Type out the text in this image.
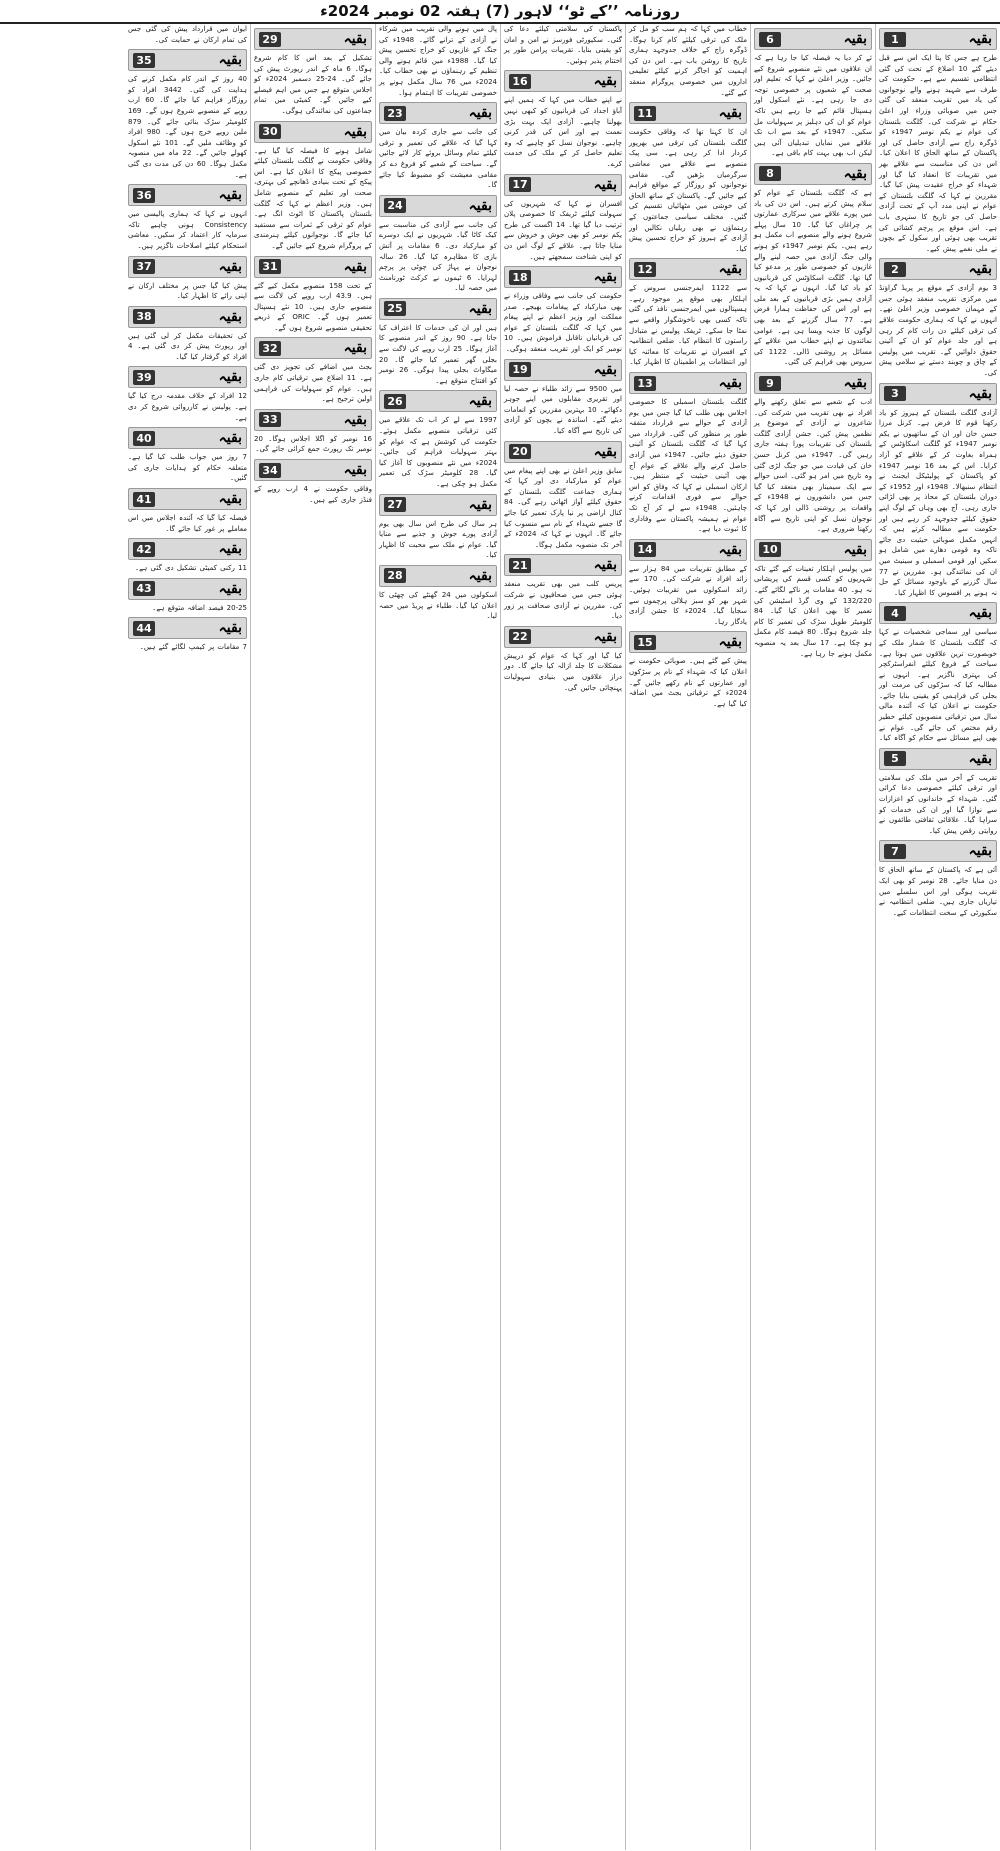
روزنامہ ’’کے ٹو‘‘ لاہور (7) ہفتہ 02 نومبر 2024ء
بقیہ
1

طرح ہے جس کا پتا ایک اس سے قبل دیئے گئے 10 اضلاع کے تحت کی گئی انتظامی تقسیم سے ہے۔ حکومت کی طرف سے شہید ہونے والے نوجوانوں کی یاد میں تقریب منعقد کی گئی جس میں صوبائی وزراء اور اعلیٰ حکام نے شرکت کی۔ گلگت بلتستان کی عوام نے یکم نومبر 1947ء کو ڈوگرہ راج سے آزادی حاصل کی اور پاکستان کے ساتھ الحاق کا اعلان کیا۔ اس دن کی مناسبت سے علاقے بھر میں تقریبات کا انعقاد کیا گیا اور شہداء کو خراج عقیدت پیش کیا گیا۔ مقررین نے کہا کہ گلگت بلتستان کے عوام نے اپنی مدد آپ کے تحت آزادی حاصل کی جو تاریخ کا سنہری باب ہے۔ اس موقع پر پرچم کشائی کی تقریب بھی ہوئی اور سکول کے بچوں نے ملی نغمے پیش کیے۔

بقیہ
2

3 یوم آزادی کے موقع پر پریڈ گراؤنڈ میں مرکزی تقریب منعقد ہوئی جس کے مہمان خصوصی وزیر اعلیٰ تھے۔ انہوں نے کہا کہ ہماری حکومت علاقے کی ترقی کیلئے دن رات کام کر رہی ہے اور جلد عوام کو ان کے آئینی حقوق دلوائیں گے۔ تقریب میں پولیس کے چاق و چوبند دستے نے سلامی پیش کی۔

بقیہ
3

آزادی گلگت بلتستان کے ہیروز کو یاد رکھنا قوم کا فرض ہے۔ کرنل مرزا حسن خان اور ان کے ساتھیوں نے یکم نومبر 1947ء کو گلگت اسکاؤٹس کے ہمراہ بغاوت کر کے علاقے کو آزاد کرایا۔ اس کے بعد 16 نومبر 1947ء کو پاکستان کے پولیٹیکل ایجنٹ نے انتظام سنبھالا۔ 1948ء اور 1952ء کے دوران بلتستان کے محاذ پر بھی لڑائی جاری رہی۔ آج بھی وہاں کے لوگ اپنے حقوق کیلئے جدوجہد کر رہے ہیں اور حکومت سے مطالبہ کرتے ہیں کہ انہیں مکمل صوبائی حیثیت دی جائے تاکہ وہ قومی دھارے میں شامل ہو سکیں اور قومی اسمبلی و سینیٹ میں ان کی نمائندگی ہو۔ مقررین نے 77 سال گزرنے کے باوجود مسائل کے حل نہ ہونے پر افسوس کا اظہار کیا۔

بقیہ
4

سیاسی اور سماجی شخصیات نے کہا کہ گلگت بلتستان کا شمار ملک کے خوبصورت ترین علاقوں میں ہوتا ہے۔ سیاحت کے فروغ کیلئے انفراسٹرکچر کی بہتری ناگزیر ہے۔ انہوں نے مطالبہ کیا کہ سڑکوں کی مرمت اور بجلی کی فراہمی کو یقینی بنایا جائے۔ حکومت نے اعلان کیا کہ آئندہ مالی سال میں ترقیاتی منصوبوں کیلئے خطیر رقم مختص کی جائے گی۔ عوام نے بھی اپنے مسائل سے حکام کو آگاہ کیا۔

بقیہ
5

تقریب کے آخر میں ملک کی سلامتی اور ترقی کیلئے خصوصی دعا کرائی گئی۔ شہداء کے خاندانوں کو اعزازات سے نوازا گیا اور ان کی خدمات کو سراہا گیا۔ علاقائی ثقافتی طائفوں نے روایتی رقص پیش کیا۔

بقیہ
7

آئی ہے کہ پاکستان کے ساتھ الحاق کا دن منایا جائے۔ 28 نومبر کو بھی ایک تقریب ہوگی اور اس سلسلے میں تیاریاں جاری ہیں۔ ضلعی انتظامیہ نے سکیورٹی کے سخت انتظامات کیے۔

بقیہ
6

ئے کر دیا یہ فیصلہ کیا جا رہا ہے کہ ان علاقوں میں نئے منصوبے شروع کیے جائیں۔ وزیر اعلیٰ نے کہا کہ تعلیم اور صحت کے شعبوں پر خصوصی توجہ دی جا رہی ہے۔ نئے اسکول اور ہسپتال قائم کیے جا رہے ہیں تاکہ عوام کو ان کی دہلیز پر سہولیات مل سکیں۔ 1947ء کے بعد سے اب تک علاقے میں نمایاں تبدیلیاں آئی ہیں لیکن اب بھی بہت کام باقی ہے۔

بقیہ
8

ہے کہ گلگت بلتستان کے عوام کو سلام پیش کرتے ہیں۔ اس دن کی یاد میں پورے علاقے میں سرکاری عمارتوں پر چراغاں کیا گیا۔ 10 سال پہلے شروع ہونے والے منصوبے اب مکمل ہو رہے ہیں۔ یکم نومبر 1947ء کو ہونے والی جنگ آزادی میں حصہ لینے والے غازیوں کو خصوصی طور پر مدعو کیا گیا تھا۔ گلگت اسکاؤٹس کی قربانیوں کو یاد کیا گیا۔ انہوں نے کہا کہ یہ آزادی ہمیں بڑی قربانیوں کے بعد ملی ہے اور اس کی حفاظت ہمارا فرض ہے۔ 77 سال گزرنے کے بعد بھی لوگوں کا جذبہ ویسا ہی ہے۔ عوامی نمائندوں نے اپنے خطاب میں علاقے کے مسائل پر روشنی ڈالی۔ 1122 کی سروس بھی فراہم کی گئی۔

بقیہ
9

ادب کے شعبے سے تعلق رکھنے والے افراد نے بھی تقریب میں شرکت کی۔ شاعروں نے آزادی کے موضوع پر نظمیں پیش کیں۔ جشن آزادی گلگت بلتستان کی تقریبات پورا ہفتہ جاری رہیں گی۔ 1947ء میں کرنل حسن خان کی قیادت میں جو جنگ لڑی گئی وہ تاریخ میں امر ہو گئی۔ اسی حوالے سے ایک سیمینار بھی منعقد کیا گیا جس میں دانشوروں نے 1948ء کے واقعات پر روشنی ڈالی اور کہا کہ نوجوان نسل کو اپنی تاریخ سے آگاہ رکھنا ضروری ہے۔

بقیہ
10

میں پولیس اہلکار تعینات کیے گئے تاکہ شہریوں کو کسی قسم کی پریشانی نہ ہو۔ 40 مقامات پر ناکے لگائے گئے۔ 132/220 کے وی گرڈ اسٹیشن کی تعمیر کا بھی اعلان کیا گیا۔ 84 کلومیٹر طویل سڑک کی تعمیر کا کام جلد شروع ہوگا۔ 80 فیصد کام مکمل ہو چکا ہے۔ 17 سال بعد یہ منصوبہ مکمل ہونے جا رہا ہے۔

خطاب میں کہا کہ ہم سب کو مل کر ملک کی ترقی کیلئے کام کرنا ہوگا۔ ڈوگرہ راج کے خلاف جدوجہد ہماری تاریخ کا روشن باب ہے۔ اس دن کی اہمیت کو اجاگر کرنے کیلئے تعلیمی اداروں میں خصوصی پروگرام منعقد کیے گئے۔

بقیہ
11

ان کا کہنا تھا کہ وفاقی حکومت گلگت بلتستان کی ترقی میں بھرپور کردار ادا کر رہی ہے۔ سی پیک منصوبے سے علاقے میں معاشی سرگرمیاں بڑھیں گی۔ مقامی نوجوانوں کو روزگار کے مواقع فراہم کیے جائیں گے۔ پاکستان کے ساتھ الحاق کی خوشی میں مٹھائیاں تقسیم کی گئیں۔ مختلف سیاسی جماعتوں کے رہنماؤں نے بھی ریلیاں نکالیں اور آزادی کے ہیروز کو خراج تحسین پیش کیا۔

بقیہ
12

سے 1122 ایمرجنسی سروس کے اہلکار بھی موقع پر موجود رہے۔ ہسپتالوں میں ایمرجنسی نافذ کی گئی تاکہ کسی بھی ناخوشگوار واقعے سے نمٹا جا سکے۔ ٹریفک پولیس نے متبادل راستوں کا انتظام کیا۔ ضلعی انتظامیہ کے افسران نے تقریبات کا معائنہ کیا اور انتظامات پر اطمینان کا اظہار کیا۔

بقیہ
13

گلگت بلتستان اسمبلی کا خصوصی اجلاس بھی طلب کیا گیا جس میں یوم آزادی کے حوالے سے قرارداد متفقہ طور پر منظور کی گئی۔ قرارداد میں کہا گیا کہ گلگت بلتستان کو آئینی حقوق دیئے جائیں۔ 1947ء میں آزادی حاصل کرنے والے علاقے کے عوام آج بھی آئینی حیثیت کے منتظر ہیں۔ ارکان اسمبلی نے کہا کہ وفاق کو اس حوالے سے فوری اقدامات کرنے چاہئیں۔ 1948ء سے لے کر آج تک عوام نے ہمیشہ پاکستان سے وفاداری کا ثبوت دیا ہے۔

بقیہ
14

کے مطابق تقریبات میں 84 ہزار سے زائد افراد نے شرکت کی۔ 170 سے زائد اسکولوں میں تقریبات ہوئیں۔ شہر بھر کو سبز ہلالی پرچموں سے سجایا گیا۔ 2024ء کا جشن آزادی یادگار رہا۔

بقیہ
15

پیش کیے گئے ہیں۔ صوبائی حکومت نے اعلان کیا کہ شہداء کے نام پر سڑکوں اور عمارتوں کے نام رکھے جائیں گے۔ 2024ء کے ترقیاتی بجٹ میں اضافہ کیا گیا ہے۔

پاکستان کی سلامتی کیلئے دعا کی گئی۔ سکیورٹی فورسز نے امن و امان کو یقینی بنایا۔ تقریبات پرامن طور پر اختتام پذیر ہوئیں۔

بقیہ
16

نے اپنے خطاب میں کہا کہ ہمیں اپنے آباؤ اجداد کی قربانیوں کو کبھی نہیں بھولنا چاہیے۔ آزادی ایک بہت بڑی نعمت ہے اور اس کی قدر کرنی چاہیے۔ نوجوان نسل کو چاہیے کہ وہ تعلیم حاصل کر کے ملک کی خدمت کرے۔

بقیہ
17

افسران نے کہا کہ شہریوں کی سہولت کیلئے ٹریفک کا خصوصی پلان ترتیب دیا گیا تھا۔ 14 اگست کی طرح یکم نومبر کو بھی جوش و خروش سے منایا جاتا ہے۔ علاقے کے لوگ اس دن کو اپنی شناخت سمجھتے ہیں۔

بقیہ
18

حکومت کی جانب سے وفاقی وزراء نے بھی مبارکباد کے پیغامات بھیجے۔ صدر مملکت اور وزیر اعظم نے اپنے پیغام میں کہا کہ گلگت بلتستان کے عوام کی قربانیاں ناقابل فراموش ہیں۔ 10 نومبر کو ایک اور تقریب منعقد ہوگی۔

بقیہ
19

میں 9500 سے زائد طلباء نے حصہ لیا اور تقریری مقابلوں میں اپنے جوہر دکھائے۔ 10 بہترین مقررین کو انعامات دیئے گئے۔ اساتذہ نے بچوں کو آزادی کی تاریخ سے آگاہ کیا۔

بقیہ
20

سابق وزیر اعلیٰ نے بھی اپنے پیغام میں عوام کو مبارکباد دی اور کہا کہ ہماری جماعت گلگت بلتستان کے حقوق کیلئے آواز اٹھاتی رہے گی۔ 84 کنال اراضی پر نیا پارک تعمیر کیا جائے گا جسے شہداء کے نام سے منسوب کیا جائے گا۔ انہوں نے کہا کہ 2024ء کے آخر تک منصوبہ مکمل ہوگا۔

بقیہ
21

پریس کلب میں بھی تقریب منعقد ہوئی جس میں صحافیوں نے شرکت کی۔ مقررین نے آزادی صحافت پر زور دیا۔

بقیہ
22

کیا گیا اور کہا کہ عوام کو درپیش مشکلات کا جلد ازالہ کیا جائے گا۔ دور دراز علاقوں میں بنیادی سہولیات پہنچائی جائیں گی۔

پال میں ہونے والی تقریب میں شرکاء نے آزادی کے ترانے گائے۔ 1948ء کی جنگ کے غازیوں کو خراج تحسین پیش کیا گیا۔ 1988ء میں قائم ہونے والی تنظیم کے رہنماؤں نے بھی خطاب کیا۔ 2024ء میں 76 سال مکمل ہونے پر خصوصی تقریبات کا اہتمام ہوا۔

بقیہ
23

کی جانب سے جاری کردہ بیان میں کہا گیا کہ علاقے کی تعمیر و ترقی کیلئے تمام وسائل بروئے کار لائے جائیں گے۔ سیاحت کے شعبے کو فروغ دے کر مقامی معیشت کو مضبوط کیا جائے گا۔

بقیہ
24

کی جانب سے آزادی کی مناسبت سے کیک کاٹا گیا۔ شہریوں نے ایک دوسرے کو مبارکباد دی۔ 6 مقامات پر آتش بازی کا مظاہرہ کیا گیا۔ 26 سالہ نوجوان نے پہاڑ کی چوٹی پر پرچم لہرایا۔ 6 ٹیموں نے کرکٹ ٹورنامنٹ میں حصہ لیا۔

بقیہ
25

ہیں اور ان کی خدمات کا اعتراف کیا جاتا ہے۔ 90 روز کے اندر منصوبے کا آغاز ہوگا۔ 25 ارب روپے کی لاگت سے بجلی گھر تعمیر کیا جائے گا۔ 20 میگاواٹ بجلی پیدا ہوگی۔ 26 نومبر کو افتتاح متوقع ہے۔

بقیہ
26

1997 سے لے کر اب تک علاقے میں کئی ترقیاتی منصوبے مکمل ہوئے۔ حکومت کی کوشش ہے کہ عوام کو بہتر سہولیات فراہم کی جائیں۔ 2024ء میں نئے منصوبوں کا آغاز کیا گیا۔ 28 کلومیٹر سڑک کی تعمیر مکمل ہو چکی ہے۔

بقیہ
27

ہر سال کی طرح اس سال بھی یوم آزادی پورے جوش و جذبے سے منایا گیا۔ عوام نے ملک سے محبت کا اظہار کیا۔

بقیہ
28

اسکولوں میں 24 گھنٹے کی چھٹی کا اعلان کیا گیا۔ طلباء نے پریڈ میں حصہ لیا۔

بقیہ
29

تشکیل کے بعد اس کا کام شروع ہوگا۔ 6 ماہ کے اندر رپورٹ پیش کی جائے گی۔ 24-25 دسمبر 2024ء کو اجلاس متوقع ہے جس میں اہم فیصلے کیے جائیں گے۔ کمیٹی میں تمام جماعتوں کی نمائندگی ہوگی۔

بقیہ
30

شامل ہونے کا فیصلہ کیا گیا ہے۔ وفاقی حکومت نے گلگت بلتستان کیلئے خصوصی پیکج کا اعلان کیا ہے۔ اس پیکج کے تحت بنیادی ڈھانچے کی بہتری، صحت اور تعلیم کے منصوبے شامل ہیں۔ وزیر اعظم نے کہا کہ گلگت بلتستان پاکستان کا اٹوٹ انگ ہے۔ عوام کو ترقی کے ثمرات سے مستفید کیا جائے گا۔ نوجوانوں کیلئے ہنرمندی کے پروگرام شروع کیے جائیں گے۔

بقیہ
31

کے تحت 158 منصوبے مکمل کیے گئے ہیں۔ 43.9 ارب روپے کی لاگت سے منصوبے جاری ہیں۔ 10 نئے ہسپتال تعمیر ہوں گے۔ ORIC کے ذریعے تحقیقی منصوبے شروع ہوں گے۔

بقیہ
32

بجٹ میں اضافے کی تجویز دی گئی ہے۔ 11 اضلاع میں ترقیاتی کام جاری ہیں۔ عوام کو سہولیات کی فراہمی اولین ترجیح ہے۔

بقیہ
33

16 نومبر کو اگلا اجلاس ہوگا۔ 20 نومبر تک رپورٹ جمع کرائی جائے گی۔

بقیہ
34

وفاقی حکومت نے 4 ارب روپے کے فنڈز جاری کیے ہیں۔

ایوان میں قرارداد پیش کی گئی جس کی تمام ارکان نے حمایت کی۔

بقیہ
35

40 روز کے اندر کام مکمل کرنے کی ہدایت کی گئی۔ 3442 افراد کو روزگار فراہم کیا جائے گا۔ 60 ارب روپے کے منصوبے شروع ہوں گے۔ 169 کلومیٹر سڑک بنائی جائے گی۔ 879 ملین روپے خرچ ہوں گے۔ 980 افراد کو وظائف ملیں گے۔ 101 نئے اسکول کھولے جائیں گے۔ 22 ماہ میں منصوبہ مکمل ہوگا۔ 60 دن کی مدت دی گئی ہے۔

بقیہ
36

انہوں نے کہا کہ ہماری پالیسی میں Consistency ہونی چاہیے تاکہ سرمایہ کار اعتماد کر سکیں۔ معاشی استحکام کیلئے اصلاحات ناگزیر ہیں۔

بقیہ
37

پیش کیا گیا جس پر مختلف ارکان نے اپنی رائے کا اظہار کیا۔

بقیہ
38

کی تحقیقات مکمل کر لی گئی ہیں اور رپورٹ پیش کر دی گئی ہے۔ 4 افراد کو گرفتار کیا گیا۔

بقیہ
39

12 افراد کے خلاف مقدمہ درج کیا گیا ہے۔ پولیس نے کارروائی شروع کر دی ہے۔

بقیہ
40

7 روز میں جواب طلب کیا گیا ہے۔ متعلقہ حکام کو ہدایات جاری کی گئیں۔

بقیہ
41

فیصلہ کیا گیا کہ آئندہ اجلاس میں اس معاملے پر غور کیا جائے گا۔

بقیہ
42

11 رکنی کمیٹی تشکیل دی گئی ہے۔

بقیہ
43

20-25 فیصد اضافہ متوقع ہے۔

بقیہ
44

7 مقامات پر کیمپ لگائے گئے ہیں۔
